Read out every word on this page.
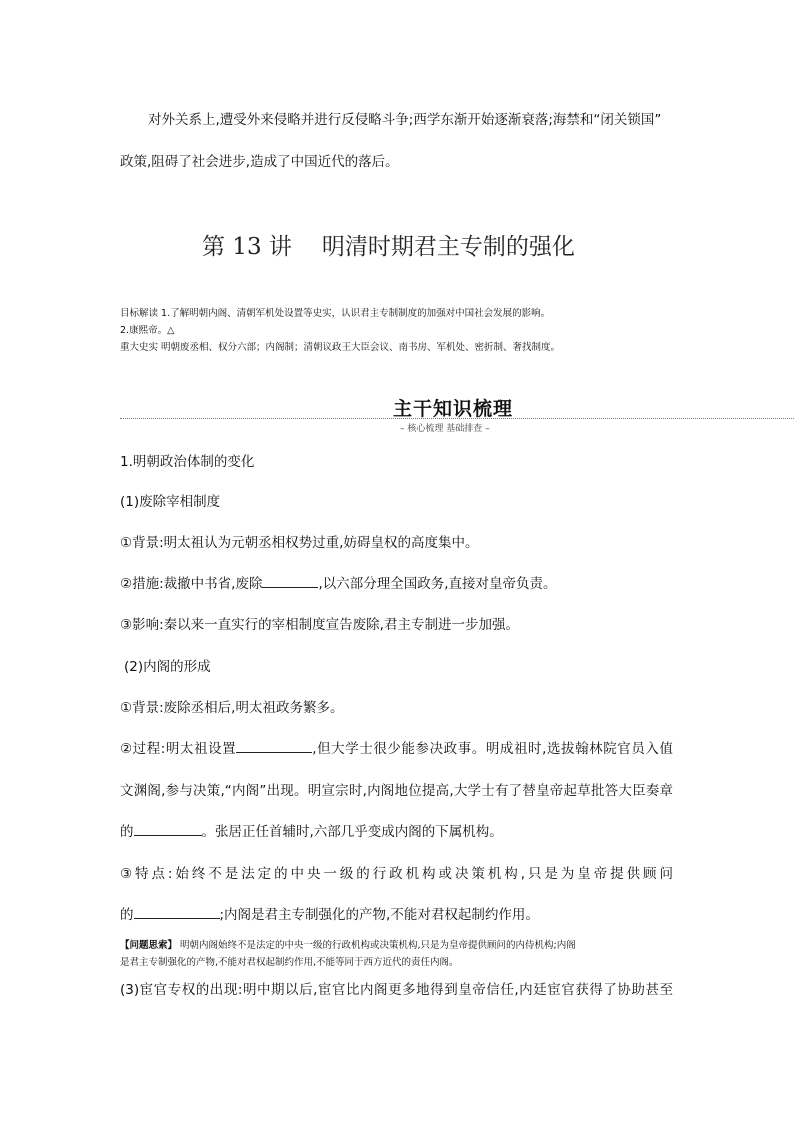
对外关系上,遭受外来侵略并进行反侵略斗争;西学东渐开始逐渐衰落;海禁和“闭关锁国”
政策,阻碍了社会进步,造成了中国近代的落后。
第 13 讲 明清时期君主专制的强化
目标解读 1.了解明朝内阁、清朝军机处设置等史实，认识君主专制制度的加强对中国社会发展的影响。
2.康熙帝。△
重大史实 明朝废丞相、权分六部；内阁制；清朝议政王大臣会议、南书房、军机处、密折制、奢找制度。
主干知识梳理
– 核心梳理 基础排查 –
1.明朝政治体制的变化
(1)废除宰相制度
①背景:明太祖认为元朝丞相权势过重,妨碍皇权的高度集中。
②措施:裁撤中书省,废除	,以六部分理全国政务,直接对皇帝负责。
③影响:秦以来一直实行的宰相制度宣告废除,君主专制进一步加强。
(2)内阁的形成
①背景:废除丞相后,明太祖政务繁多。
②过程:明太祖设置	,但大学士很少能参决政事。明成祖时,选拔翰林院官员入值
文渊阁,参与决策,“内阁”出现。明宣宗时,内阁地位提高,大学士有了替皇帝起草批答大臣奏章
的	。张居正任首辅时,六部几乎变成内阁的下属机构。
③特点:始终不是法定的中央一级的行政机构或决策机构,只是为皇帝提供顾问
的	;内阁是君主专制强化的产物,不能对君权起制约作用。
【问题思索】 明朝内阁始终不是法定的中央一级的行政机构或决策机构,只是为皇帝提供顾问的内侍机构;内阁
是君主专制强化的产物,不能对君权起制约作用,不能等同于西方近代的责任内阁。
(3)宦官专权的出现:明中期以后,宦官比内阁更多地得到皇帝信任,内廷宦官获得了协助甚至
